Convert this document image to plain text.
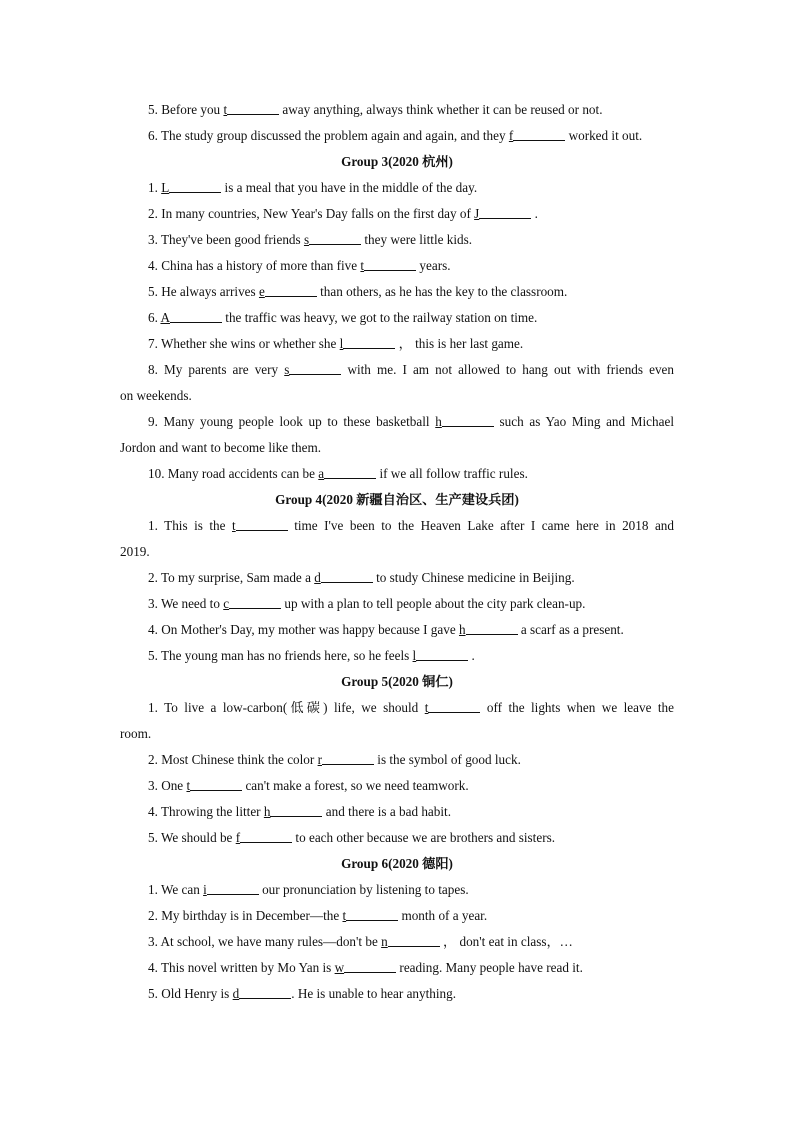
5. Before you t	away anything, always think whether it can be reused or not.
6. The study group discussed the problem again and again, and they f	worked it out.
Group 3(2020 杭州)
1. L	is a meal that you have in the middle of the day.
2. In many countries, New Year's Day falls on the first day of J	.
3. They've been good friends s	they were little kids.
4. China has a history of more than five t	years.
5. He always arrives e	than others, as he has the key to the classroom.
6. A	the traffic was heavy, we got to the railway station on time.
7. Whether she wins or whether she l	， this is her last game.
8. My parents are very s	with me. I am not allowed to hang out with friends even
on weekends.
9. Many young people look up to these basketball h	such as Yao Ming and Michael
Jordon and want to become like them.
10. Many road accidents can be a	if we all follow traffic rules.
Group 4(2020 新疆自治区、生产建设兵团)
1. This is the t	time I've been to the Heaven Lake after I came here in 2018 and
2019.
2. To my surprise, Sam made a d	to study Chinese medicine in Beijing.
3. We need to c	up with a plan to tell people about the city park clean-up.
4. On Mother's Day, my mother was happy because I gave h	a scarf as a present.
5. The young man has no friends here, so he feels l	.
Group 5(2020 铜仁)
1. To live a low-carbon(低碳) life, we should t	off the lights when we leave the
room.
2. Most Chinese think the color r	is the symbol of good luck.
3. One t	can't make a forest, so we need teamwork.
4. Throwing the litter h	and there is a bad habit.
5. We should be f	to each other because we are brothers and sisters.
Group 6(2020 德阳)
1. We can i	our pronunciation by listening to tapes.
2. My birthday is in December—the t	month of a year.
3. At school, we have many rules—don't be n	， don't eat in class，…
4. This novel written by Mo Yan is w	reading. Many people have read it.
5. Old Henry is d	. He is unable to hear anything.
